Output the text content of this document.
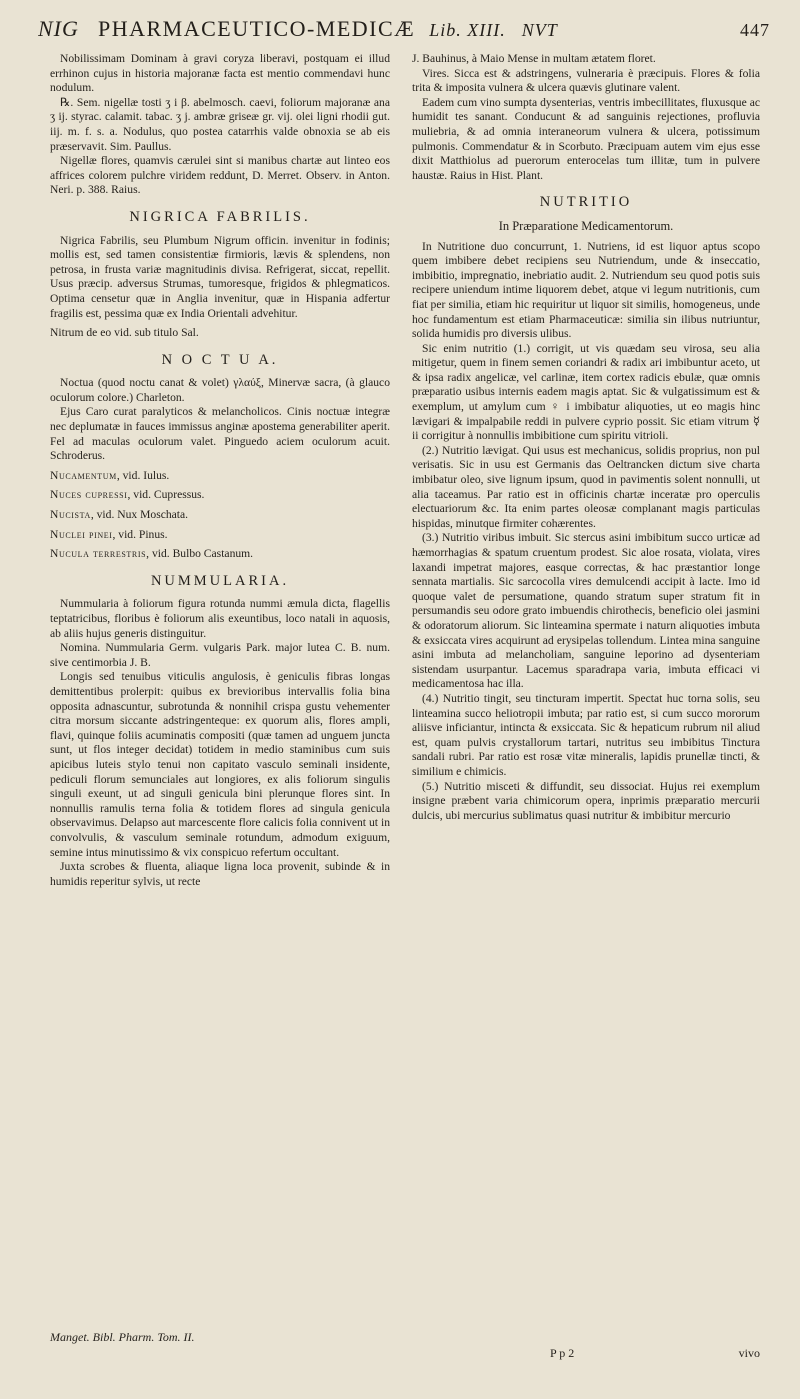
NIG PHARMACEUTICO-MEDICÆ Lib. XIII. NVT	447

Nobilissimam Dominam à gravi coryza liberavi, postquam ei illud errhinon cujus in historia majoranæ facta est mentio commendavi hunc nodulum.

℞. Sem. nigellæ tosti ʒ i β. abelmosch. caevi, foliorum majoranæ ana ʒ ij. styrac. calamit. tabac. ʒ j. ambræ griseæ gr. vij. olei ligni rhodii gut. iij. m. f. s. a. Nodulus, quo postea catarrhis valde obnoxia se ab eis præservavit. Sim. Paullus.

Nigellæ flores, quamvis cærulei sint si manibus chartæ aut linteo eos affrices colorem pulchre viridem reddunt, D. Merret. Observ. in Anton. Neri. p. 388. Raius.

NIGRICA FABRILIS.

Nigrica Fabrilis, seu Plumbum Nigrum officin. invenitur in fodinis; mollis est, sed tamen consistentiæ firmioris, lævis & splendens, non petrosa, in frusta variæ magnitudinis divisa. Refrigerat, siccat, repellit. Usus præcip. adversus Strumas, tumoresque, frigidos & phlegmaticos. Optima censetur quæ in Anglia invenitur, quæ in Hispania adfertur fragilis est, pessima quæ ex India Orientali advehitur.

Nitrum de eo vid. sub titulo Sal.

N O C T U A.

Noctua (quod noctu canat & volet) γλαύξ, Minervæ sacra, (à glauco oculorum colore.) Charleton.

Ejus Caro curat paralyticos & melancholicos. Cinis noctuæ integræ nec deplumatæ in fauces immissus anginæ apostema generabiliter aperit. Fel ad maculas oculorum valet. Pinguedo aciem oculorum acuit. Schroderus.

Nucamentum, vid. Iulus.

Nuces cupressi, vid. Cupressus.

Nucista, vid. Nux Moschata.

Nuclei pinei, vid. Pinus.

Nucula terrestris, vid. Bulbo Castanum.

NUMMULARIA.

Nummularia à foliorum figura rotunda nummi æmula dicta, flagellis teptatricibus, floribus è foliorum alis exeuntibus, loco natali in aquosis, ab aliis hujus generis distinguitur.

Nomina. Nummularia Germ. vulgaris Park. major lutea C. B. num. sive centimorbia J. B.

Longis sed tenuibus viticulis angulosis, è geniculis fibras longas demittentibus prolerpit: quibus ex brevioribus intervallis folia bina opposita adnascuntur, subrotunda & nonnihil crispa gustu vehementer citra morsum siccante adstringenteque: ex quorum alis, flores ampli, flavi, quinque foliis acuminatis compositi (quæ tamen ad unguem juncta sunt, ut flos integer decidat) totidem in medio staminibus cum suis apicibus luteis stylo tenui non capitato vasculo seminali insidente, pediculi florum semunciales aut longiores, ex alis foliorum singulis singuli exeunt, ut ad singuli genicula bini plerunque flores sint. In nonnullis ramulis terna folia & totidem flores ad singula genicula observavimus. Delapso aut marcescente flore calicis folia connivent ut in convolvulis, & vasculum seminale rotundum, admodum exiguum, semine intus minutissimo & vix conspicuo refertum occultant.

Juxta scrobes & fluenta, aliaque ligna loca provenit, subinde & in humidis reperitur sylvis, ut recte

Manget. Bibl. Pharm. Tom. II.

J. Bauhinus, à Maio Mense in multam ætatem floret.

Vires. Sicca est & adstringens, vulneraria è præcipuis. Flores & folia trita & imposita vulnera & ulcera quævis glutinare valent.

Eadem cum vino sumpta dysenterias, ventris imbecillitates, fluxusque ac humidit tes sanant. Conducunt & ad sanguinis rejectiones, profluvia muliebria, & ad omnia interaneorum vulnera & ulcera, potissimum pulmonis. Commendatur & in Scorbuto. Præcipuam autem vim ejus esse dixit Matthiolus ad puerorum enterocelas tum illitæ, tum in pulvere haustæ. Raius in Hist. Plant.

NUTRITIO

In Præparatione Medicamentorum.

In Nutritione duo concurrunt, 1. Nutriens, id est liquor aptus scopo quem imbibere debet recipiens seu Nutriendum, unde & inseccatio, imbibitio, impregnatio, inebriatio audit. 2. Nutriendum seu quod potis suis recipere uniendum intime liquorem debet, atque vi legum nutritionis, cum fiat per similia, etiam hic requiritur ut liquor sit similis, homogeneus, unde hoc fundamentum est etiam Pharmaceuticæ: similia sin ilibus nutriuntur, solida humidis pro diversis ulibus.

Sic enim nutritio (1.) corrigit, ut vis quædam seu virosa, seu alia mitigetur, quem in finem semen coriandri & radix ari imbibuntur aceto, ut & ipsa radix angelicæ, vel carlinæ, item cortex radicis ebulæ, quæ omnis præparatio usibus internis eadem magis aptat. Sic & vulgatissimum est & exemplum, ut amylum cum ♀ i imbibatur aliquoties, ut eo magis hinc lævigari & impalpabile reddi in pulvere cyprio possit. Sic etiam vitrum ☿ ii corrigitur à nonnullis imbibitione cum spiritu vitrioli.

(2.) Nutritio lævigat. Qui usus est mechanicus, solidis proprius, non pul verisatis. Sic in usu est Germanis das Oeltrancken dictum sive charta imbibatur oleo, sive lignum ipsum, quod in pavimentis solent nonnulli, ut alia taceamus. Par ratio est in officinis chartæ inceratæ pro operculis electuariorum &c. Ita enim partes oleosæ complanant magis particulas hispidas, minutque firmiter cohærentes.

(3.) Nutritio viribus imbuit. Sic stercus asini imbibitum succo urticæ ad hæmorrhagias & spatum cruentum prodest. Sic aloe rosata, violata, vires laxandi impetrat majores, easque correctas, & hac præstantior longe sennata martialis. Sic sarcocolla vires demulcendi accipit à lacte. Imo id quoque valet de persumatione, quando stratum super stratum fit in persumandis seu odore grato imbuendis chirothecis, beneficio olei jasmini & odoratorum aliorum. Sic linteamina spermate i naturn aliquoties imbuta & exsiccata vires acquirunt ad erysipelas tollendum. Lintea mina sanguine asini imbuta ad melancholiam, sanguine leporino ad dysenteriam sistendam usurpantur. Lacemus sparadrapa varia, imbuta efficaci vi medicamentosa hac illa.

(4.) Nutritio tingit, seu tincturam impertit. Spectat huc torna solis, seu linteamina succo heliotropii imbuta; par ratio est, si cum succo mororum aliisve inficiantur, intincta & exsiccata. Sic & hepaticum rubrum nil aliud est, quam pulvis crystallorum tartari, nutritus seu imbibitus Tinctura sandali rubri. Par ratio est rosæ vitæ mineralis, lapidis prunellæ tincti, & similium e chimicis.

(5.) Nutritio misceti & diffundit, seu dissociat. Hujus rei exemplum insigne præbent varia chimicorum opera, inprimis præparatio mercurii dulcis, ubi mercurius sublimatus quasi nutritur & imbibitur mercurio

P p 2	vivo
